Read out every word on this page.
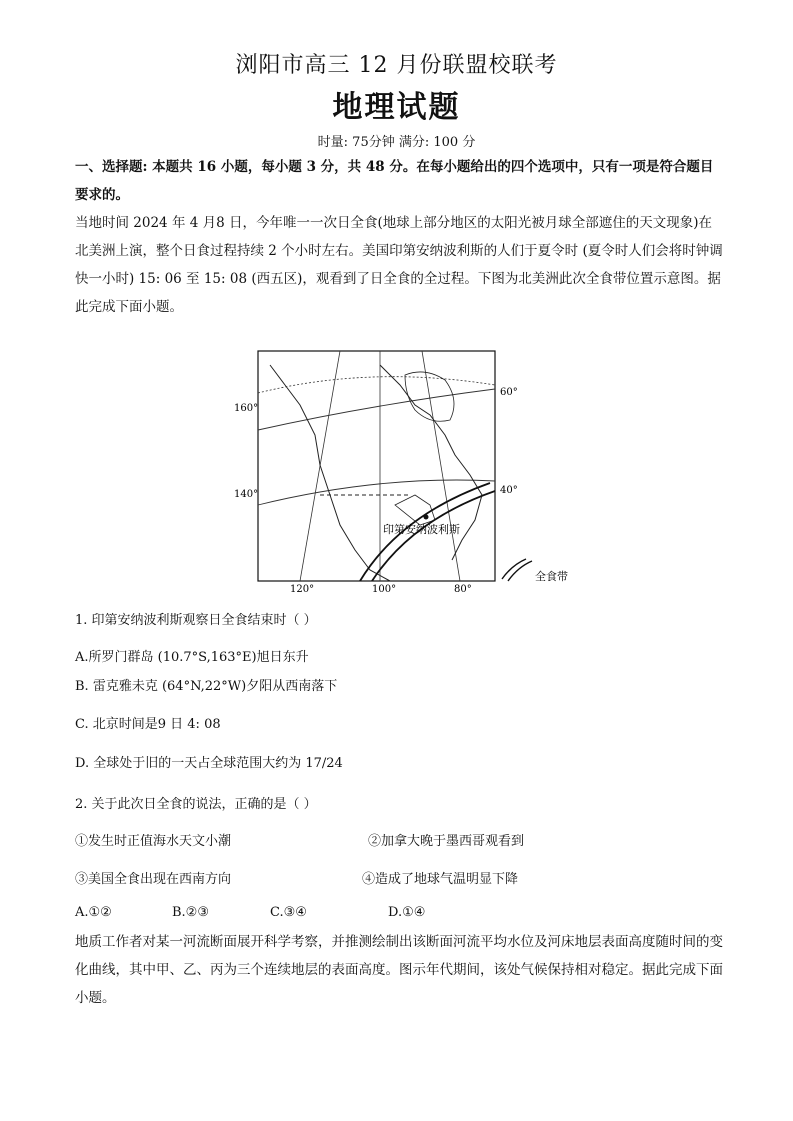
浏阳市高三 12 月份联盟校联考
地理试题
时量: 75分钟 满分: 100 分
一、选择题: 本题共 16 小题，每小题 3 分，共 48 分。在每小题给出的四个选项中，只有一项是符合题目要求的。
当地时间 2024 年 4 月8 日，今年唯一一次日全食(地球上部分地区的太阳光被月球全部遮住的天文现象)在北美洲上演，整个日食过程持续 2 个小时左右。美国印第安纳波利斯的人们于夏令时 (夏令时人们会将时钟调快一小时) 15: 06 至 15: 08 (西五区)，观看到了日全食的全过程。下图为北美洲此次全食带位置示意图。据此完成下面小题。
印第安纳波利斯
全食带
160°
140°
120°	100°	80°
60°
40°
1. 印第安纳波利斯观察日全食结束时（ ）
A.所罗门群岛 (10.7°S,163°E)旭日东升
B. 雷克雅未克 (64°N,22°W)夕阳从西南落下
C. 北京时间是9 日 4: 08
D. 全球处于旧的一天占全球范围大约为 17/24
2. 关于此次日全食的说法，正确的是（ ）
①发生时正值海水天文小潮	②加拿大晚于墨西哥观看到
③美国全食出现在西南方向	④造成了地球气温明显下降
A.①②	B.②③	C.③④	D.①④
地质工作者对某一河流断面展开科学考察，并推测绘制出该断面河流平均水位及河床地层表面高度随时间的变化曲线，其中甲、乙、丙为三个连续地层的表面高度。图示年代期间，该处气候保持相对稳定。据此完成下面小题。
